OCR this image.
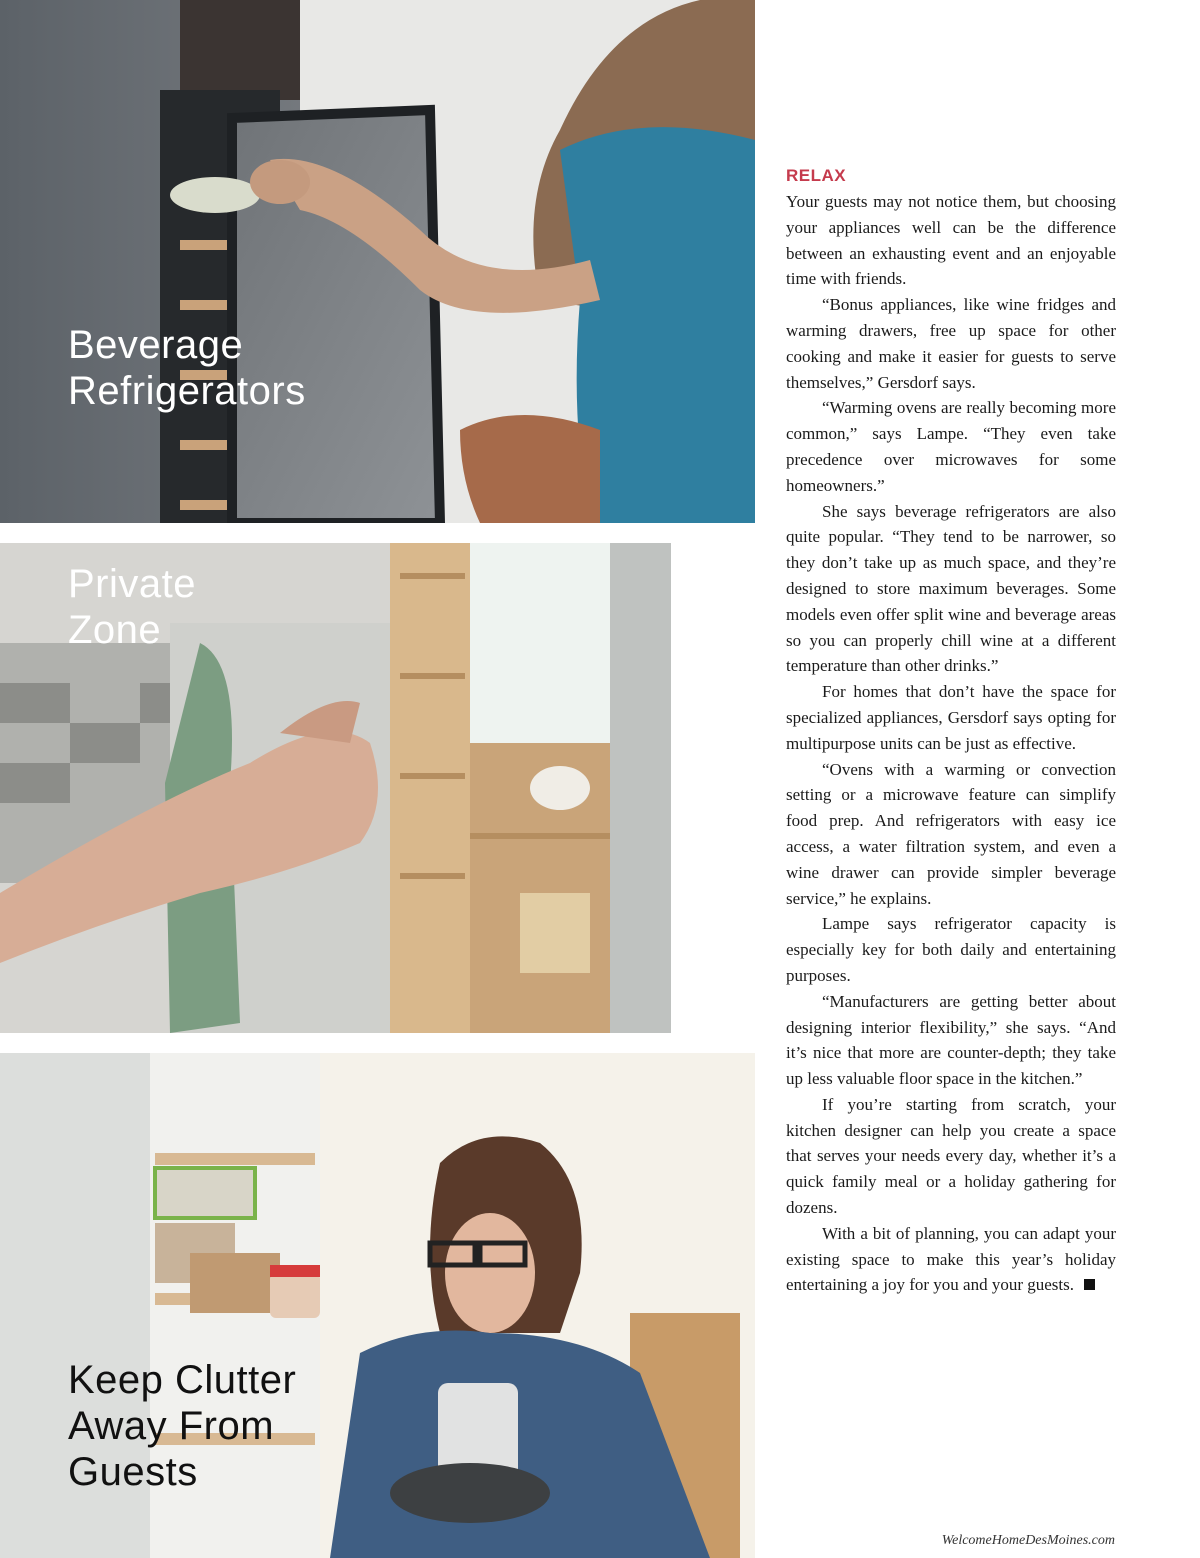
Beverage
Refrigerators

Private
Zone

Keep Clutter
Away From
Guests

RELAX

Your guests may not notice them, but choosing your appliances well can be the difference between an exhausting event and an enjoyable time with friends.

“Bonus appliances, like wine fridges and warming drawers, free up space for other cooking and make it easier for guests to serve themselves,” Gersdorf says.

“Warming ovens are really becoming more common,” says Lampe. “They even take precedence over microwaves for some homeowners.”

She says beverage refrigerators are also quite popular. “They tend to be narrower, so they don’t take up as much space, and they’re designed to store maximum beverages. Some models even offer split wine and beverage areas so you can properly chill wine at a different temperature than other drinks.”

For homes that don’t have the space for specialized appliances, Gersdorf says opting for multipurpose units can be just as effective.

“Ovens with a warming or convection setting or a microwave feature can simplify food prep. And refrigerators with easy ice access, a water filtration system, and even a wine drawer can provide simpler beverage service,” he explains.

Lampe says refrigerator capacity is especially key for both daily and entertaining purposes.

“Manufacturers are getting better about designing interior flexibility,” she says. “And it’s nice that more are counter-depth; they take up less valuable floor space in the kitchen.”

If you’re starting from scratch, your kitchen designer can help you create a space that serves your needs every day, whether it’s a quick family meal or a holiday gathering for dozens.

With a bit of planning, you can adapt your existing space to make this year’s holiday entertaining a joy for you and your guests.

WelcomeHomeDesMoines.com
